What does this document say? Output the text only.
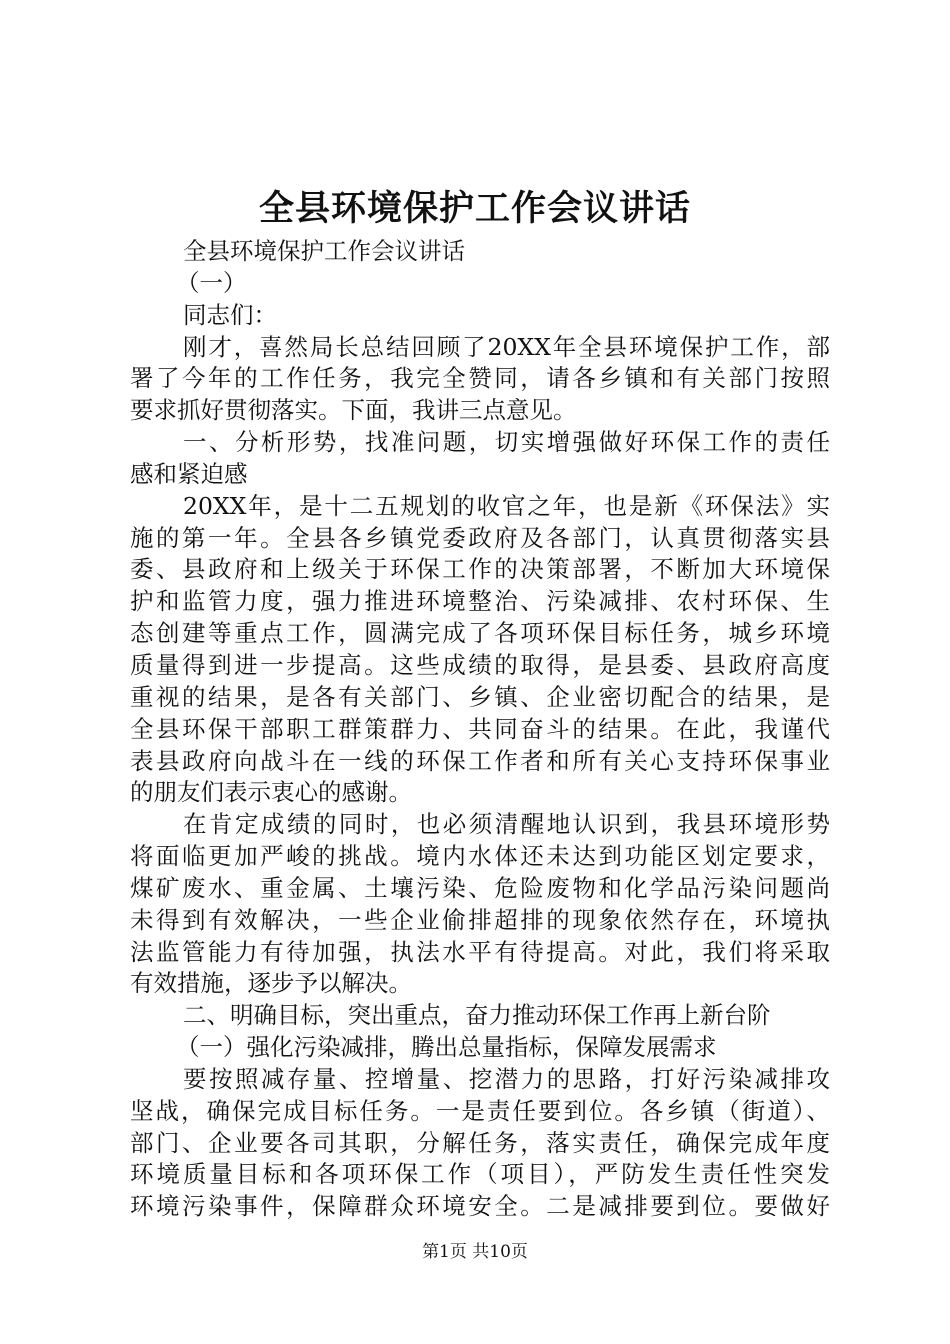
全县环境保护工作会议讲话
全县环境保护工作会议讲话
（一）
同志们：
刚才，喜然局长总结回顾了20XX年全县环境保护工作，部
署了今年的工作任务，我完全赞同，请各乡镇和有关部门按照
要求抓好贯彻落实。下面，我讲三点意见。
一、分析形势，找准问题，切实增强做好环保工作的责任
感和紧迫感
20XX年，是十二五规划的收官之年，也是新《环保法》实
施的第一年。全县各乡镇党委政府及各部门，认真贯彻落实县
委、县政府和上级关于环保工作的决策部署，不断加大环境保
护和监管力度，强力推进环境整治、污染减排、农村环保、生
态创建等重点工作，圆满完成了各项环保目标任务，城乡环境
质量得到进一步提高。这些成绩的取得，是县委、县政府高度
重视的结果，是各有关部门、乡镇、企业密切配合的结果，是
全县环保干部职工群策群力、共同奋斗的结果。在此，我谨代
表县政府向战斗在一线的环保工作者和所有关心支持环保事业
的朋友们表示衷心的感谢。
在肯定成绩的同时，也必须清醒地认识到，我县环境形势
将面临更加严峻的挑战。境内水体还未达到功能区划定要求，
煤矿废水、重金属、土壤污染、危险废物和化学品污染问题尚
未得到有效解决，一些企业偷排超排的现象依然存在，环境执
法监管能力有待加强，执法水平有待提高。对此，我们将采取
有效措施，逐步予以解决。
二、明确目标，突出重点，奋力推动环保工作再上新台阶
（一）强化污染减排，腾出总量指标，保障发展需求
要按照减存量、控增量、挖潜力的思路，打好污染减排攻
坚战，确保完成目标任务。一是责任要到位。各乡镇（街道）、
部门、企业要各司其职，分解任务，落实责任，确保完成年度
环境质量目标和各项环保工作（项目），严防发生责任性突发
环境污染事件，保障群众环境安全。二是减排要到位。要做好
第1页 共10页
